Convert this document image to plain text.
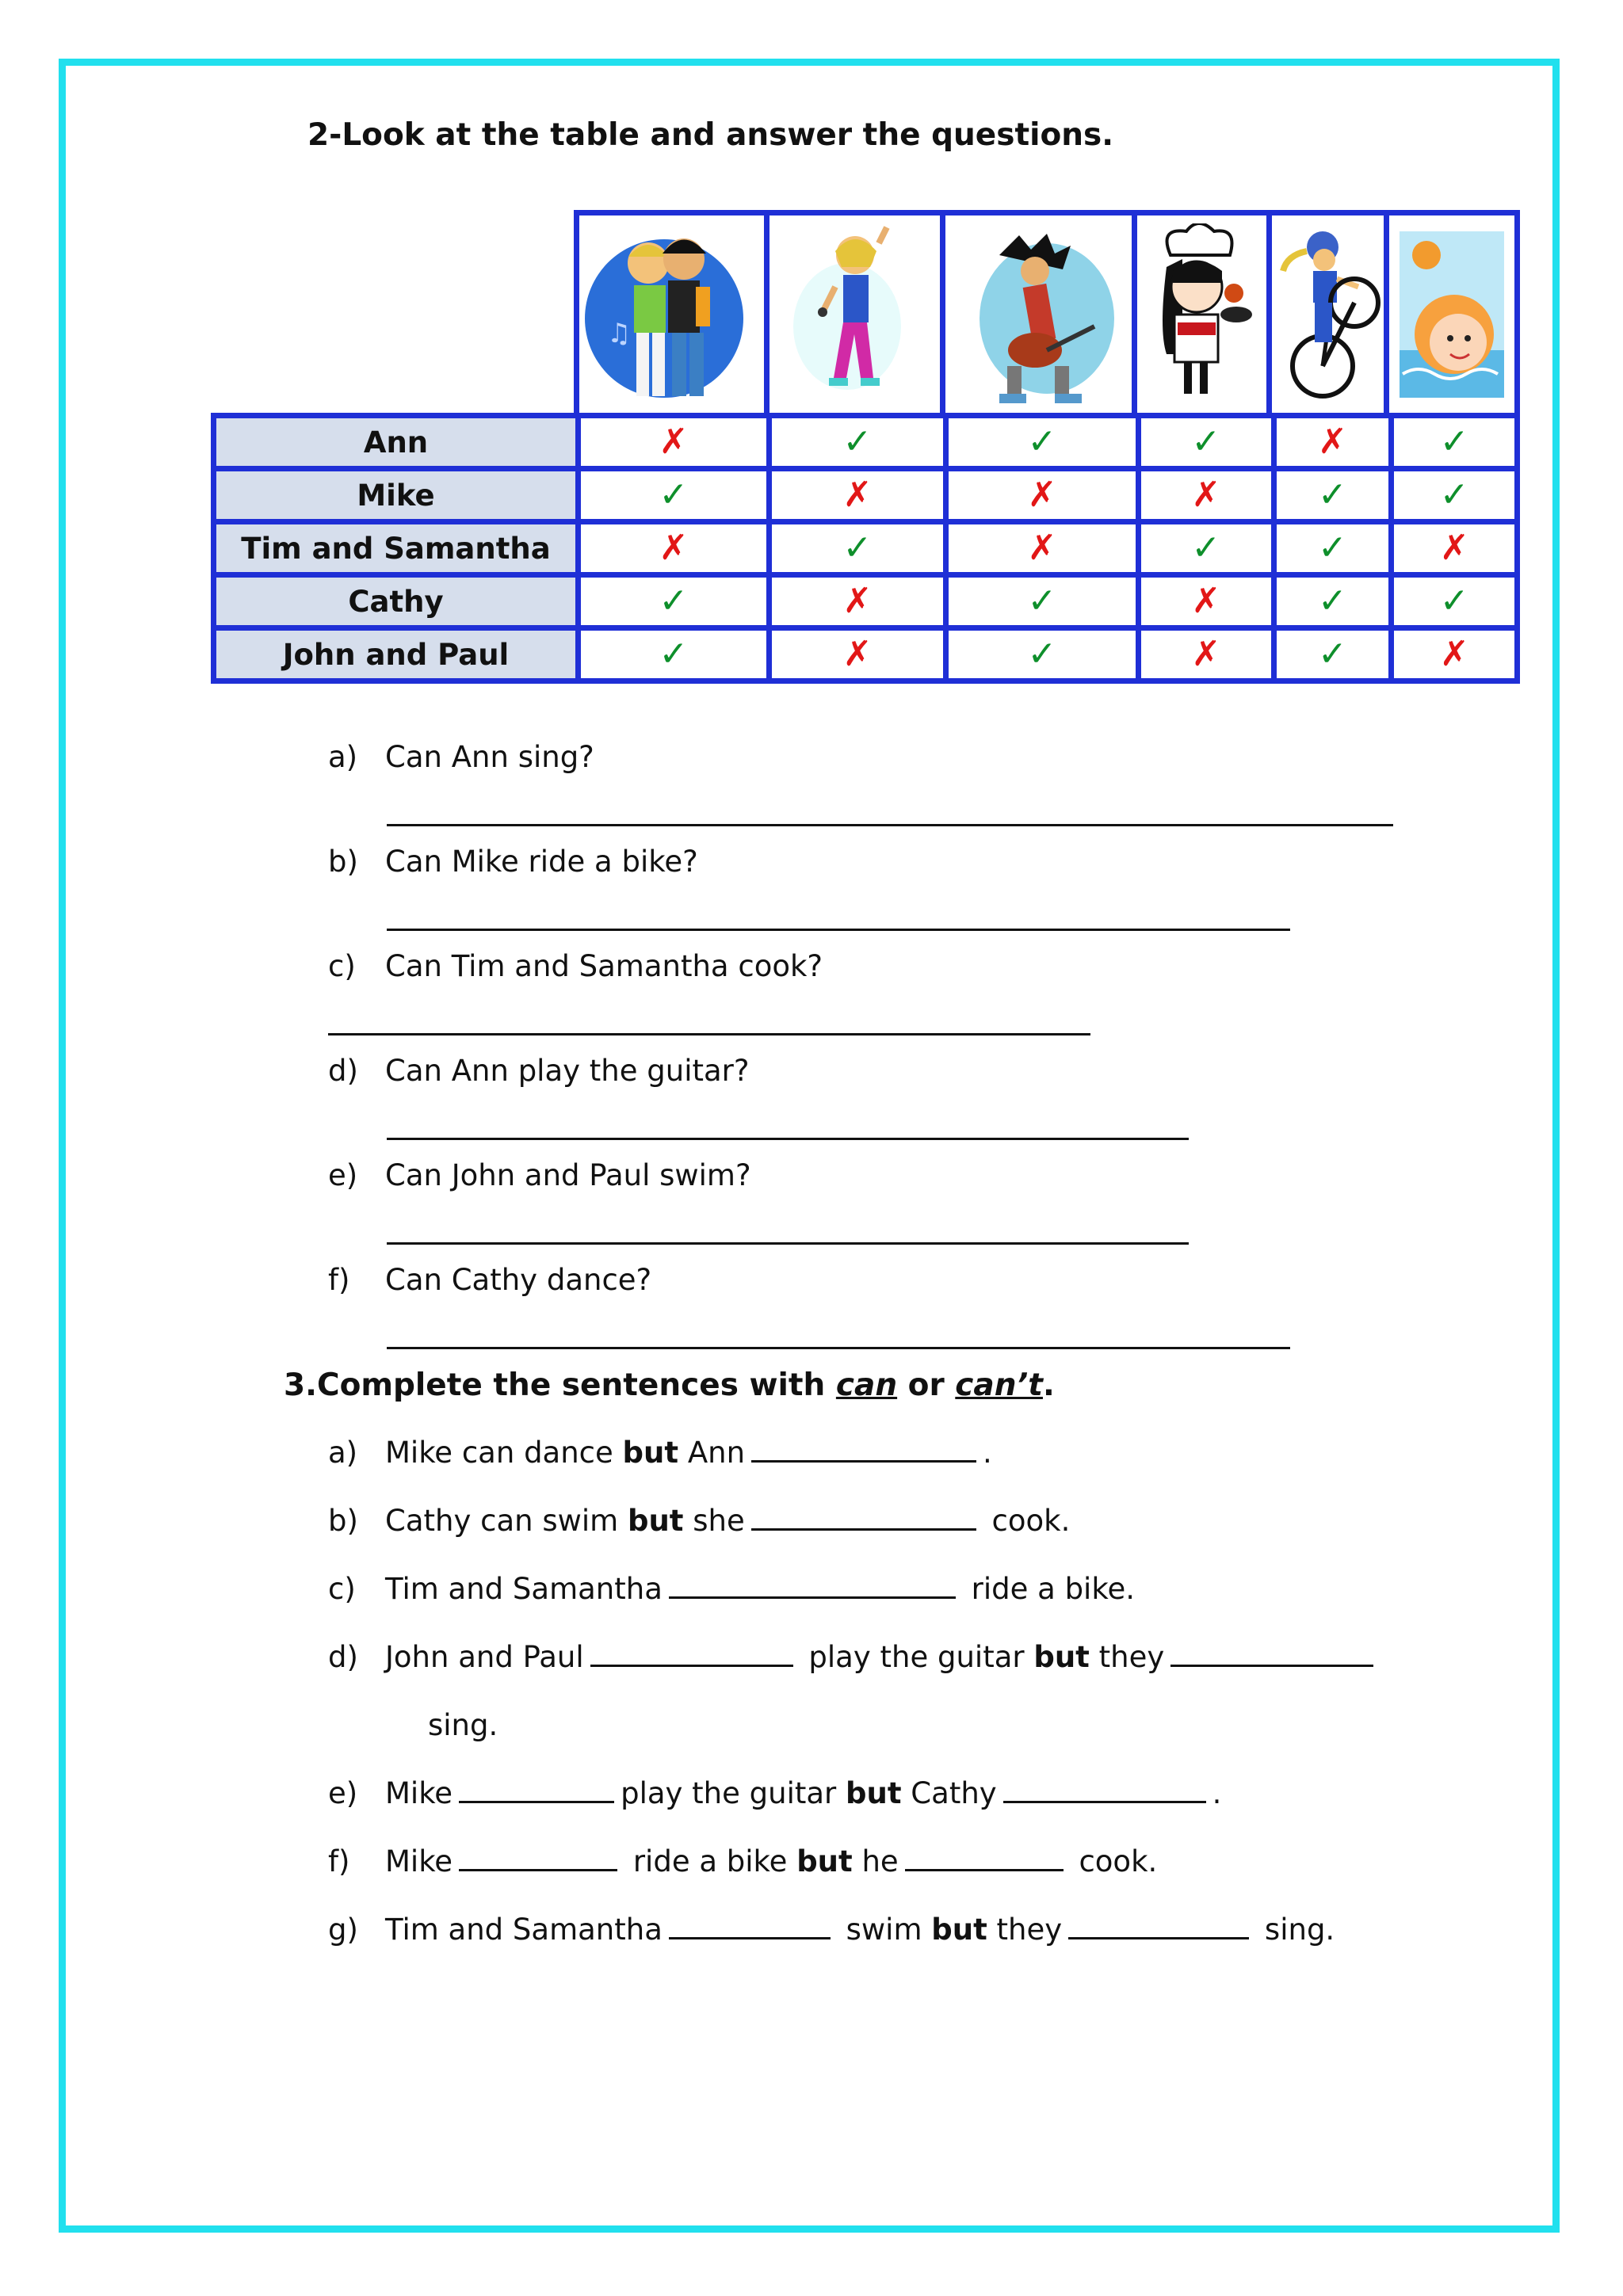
2-Look at the table and answer the questions.
♫
Ann	✗	✓	✓	✓	✗	✓
Mike	✓	✗	✗	✗	✓	✓
Tim and Samantha	✗	✓	✗	✓	✓	✗
Cathy	✓	✗	✓	✗	✓	✓
John and Paul	✓	✗	✓	✗	✓	✗
a) Can Ann sing?
b) Can Mike ride a bike?
c) Can Tim and Samantha cook?
d) Can Ann play the guitar?
e) Can John and Paul swim?
f) Can Cathy dance?
3.Complete the sentences with can or can’t.
a) Mike can dance but Ann	.
b) Cathy can swim but she	cook.
c) Tim and Samantha	ride a bike.
d) John and Paul	play the guitar but they
sing.
e) Mike	play the guitar but Cathy	.
f) Mike	ride a bike but he	cook.
g) Tim and Samantha	swim but they	sing.
